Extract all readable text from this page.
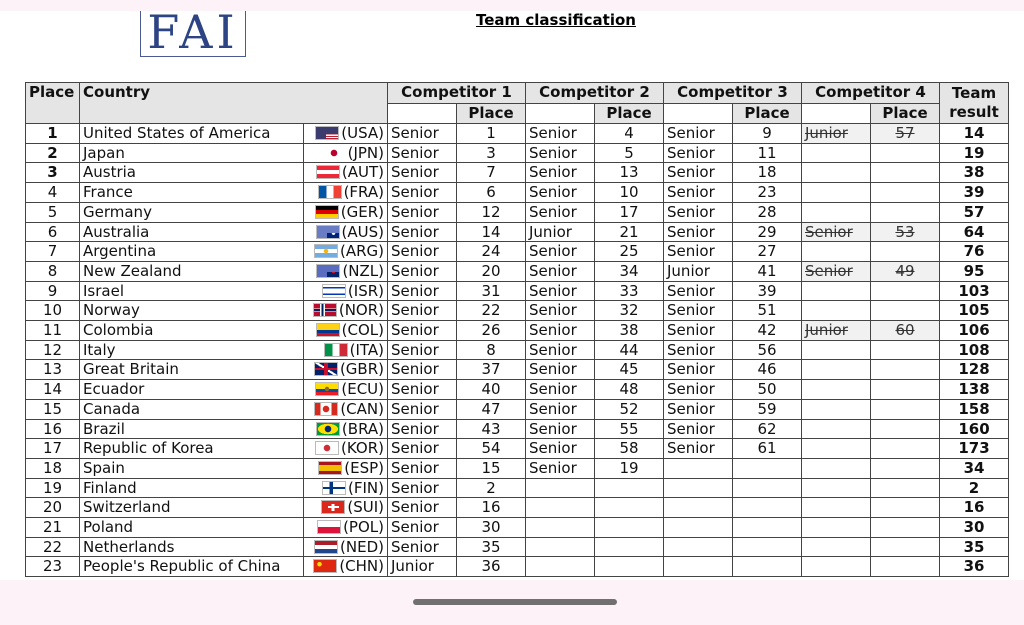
FAI	Team classification
Place	Country		Competitor 1		Competitor 2		Competitor 3		Competitor 4		Team result
				Place		Place		Place		Place	
1	United States of America	(USA)	Senior	1	Senior	4	Senior	9	Junior	57	14
2	Japan	(JPN)	Senior	3	Senior	5	Senior	11			19
3	Austria	(AUT)	Senior	7	Senior	13	Senior	18			38
4	France	(FRA)	Senior	6	Senior	10	Senior	23			39
5	Germany	(GER)	Senior	12	Senior	17	Senior	28			57
6	Australia	(AUS)	Senior	14	Junior	21	Senior	29	Senior	53	64
7	Argentina	(ARG)	Senior	24	Senior	25	Senior	27			76
8	New Zealand	(NZL)	Senior	20	Senior	34	Junior	41	Senior	49	95
9	Israel	(ISR)	Senior	31	Senior	33	Senior	39			103
10	Norway	(NOR)	Senior	22	Senior	32	Senior	51			105
11	Colombia	(COL)	Senior	26	Senior	38	Senior	42	Junior	60	106
12	Italy	(ITA)	Senior	8	Senior	44	Senior	56			108
13	Great Britain	(GBR)	Senior	37	Senior	45	Senior	46			128
14	Ecuador	(ECU)	Senior	40	Senior	48	Senior	50			138
15	Canada	(CAN)	Senior	47	Senior	52	Senior	59			158
16	Brazil	(BRA)	Senior	43	Senior	55	Senior	62			160
17	Republic of Korea	(KOR)	Senior	54	Senior	58	Senior	61			173
18	Spain	(ESP)	Senior	15	Senior	19					34
19	Finland	(FIN)	Senior	2							2
20	Switzerland	(SUI)	Senior	16							16
21	Poland	(POL)	Senior	30							30
22	Netherlands	(NED)	Senior	35							35
23	People's Republic of China	(CHN)	Junior	36							36
